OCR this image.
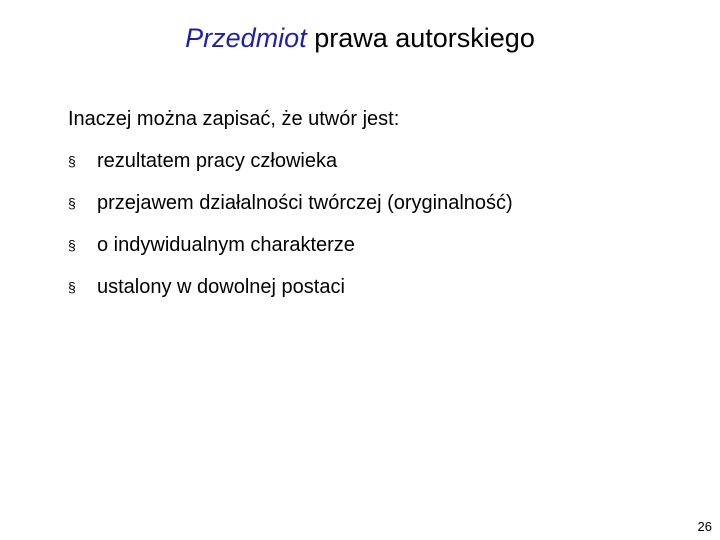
Przedmiot prawa autorskiego
Inaczej można zapisać, że utwór jest:
§	rezultatem pracy człowieka
§	przejawem działalności twórczej (oryginalność)
§	o indywidualnym charakterze
§	ustalony w dowolnej postaci
26
